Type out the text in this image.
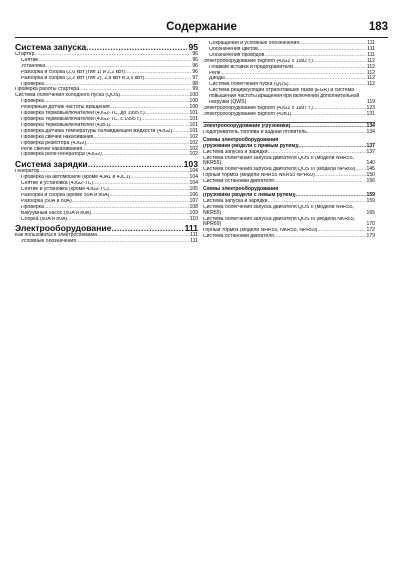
Содержание	183
Система запуска .....	95
Стартер .....	96
Снятие .....	96
Установка .....	96
Разборка и сборка (2,0 кВт (тип 1) и 2,2 кВт) .....	96
Разборка и сборка (2,2 кВт (тип 2), 2,8 кВт и 3,5 кВт) .....	97
Проверка .....	98
Проверка работы стартера .....	99
Система облегчения холодного пуска (QOS) .....	100
Проверка .....	100
Резервный датчик частоты вращения .....	100
Проверка термовыключателей (4JG2-TC, до 1995 г.) .....	101
Проверка термовыключателей (4JG2-TC, с 1995 г.) .....	101
Проверка термовыключателей (4JB1) .....	101
Проверка датчика температуры охлаждающей жидкости (4JG2) .....	101
Проверка свечей накаливания .....	102
Проверка резистора (4JG2) .....	102
Реле свечей накаливания .....	102
Проверка реле-генератора (4JG2) .....	102
Система зарядки .....	103
Генератор .....	104
Проверка на автомобиле (кроме 4JA1 и 4JC1) .....	104
Снятие и установка (4JG2-TC) .....	104
Снятие и установка (кроме 4JG2-TC) .....	105
Разборка и сборка (кроме 50А и 80А) .....	106
Разборка (50А и 80А) .....	107
Проверка .....	108
Вакуумный насос (50А и 80А) .....	109
Сборка (50А и 80А) .....	110
Электрооборудование .....	111
Как пользоваться электросхемами .....	111
Условные обозначения .....	111
Сокращения и условные обозначения .....	111
Обозначения цветов .....	111
Обозначения проводов .....	111
Электрооборудование Bighorn (4JG2 с 1992 г.) .....	112
Плавкие вставки и предохранители .....	112
Реле .....	112
Диоды .....	112
Система облегчения пуска (QOS) .....	112
Система рециркуляции отработавших газов (EGR) и система повышения частоты вращения при включении дополнительной нагрузки (QWS)	119
Электрооборудование Bighorn (4JG2 с 1997 г.) .....	123
Электрооборудование Bighorn (4JB1) .....	131
Электрооборудование (грузовики) .....	134
Подогреватель топлива и задний отопитель .....	134
Схемы электрооборудования
(грузовики (модели с правым рулем)) .....	137
Система запуска и зарядки .....	137
Система облегчения запуска двигателя QOS II (модели NHR55, NKR55)	140
Система облегчения запуска двигателя QOS III (модели NPR69) ..... 145
Горный тормоз (модели NHR55 NKR55 NPR69) .....	150
Система остановки двигателя .....	156
Схемы электрооборудования
(грузовики (модели с левым рулем)) .....	159
Система запуска и зарядки .....	159
Система облегчения запуска двигателя QOS II (модели NHR55, NKR55)	165
Система облегчения запуска двигателя QOS III (модели NKR69, NPR69)	170
Горный тормоз (модели NHR55, NKR55, NPR69) .....	172
Система остановки двигателя .....	179
